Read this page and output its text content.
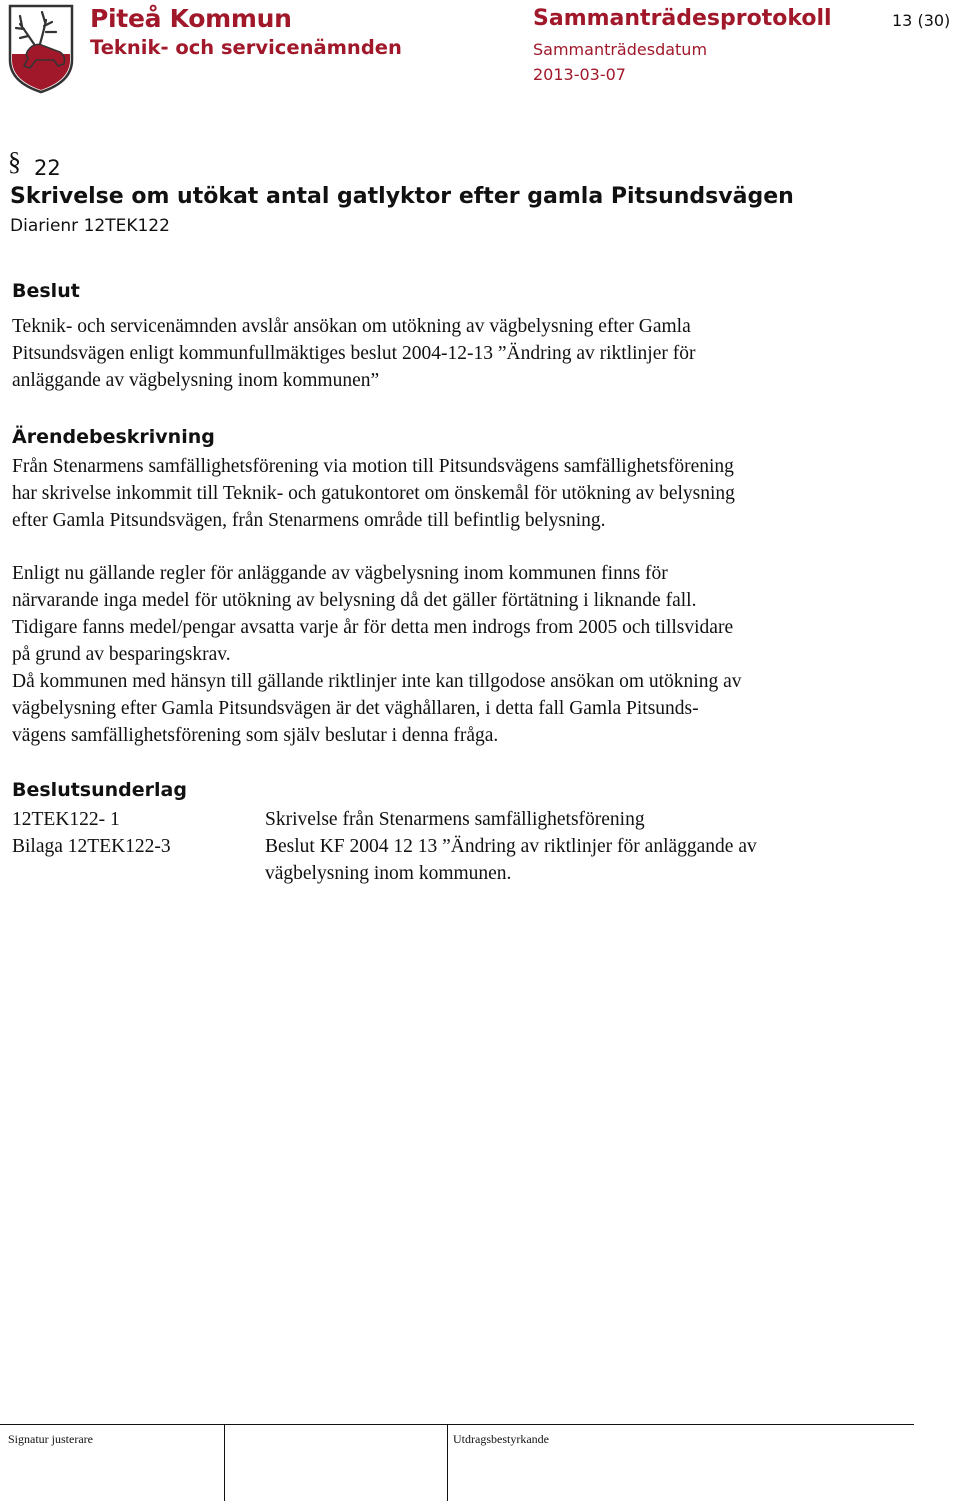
Piteå Kommun
Teknik- och servicenämnden
Sammanträdesprotokoll
Sammanträdesdatum
2013-03-07
13 (30)
§ 22
Skrivelse om utökat antal gatlyktor efter gamla Pitsundsvägen
Diarienr 12TEK122
Beslut

Teknik- och servicenämnden avslår ansökan om utökning av vägbelysning efter Gamla

Pitsundsvägen enligt kommunfullmäktiges beslut 2004-12-13 ”Ändring av riktlinjer för

anläggande av vägbelysning inom kommunen”

Ärendebeskrivning

Från Stenarmens samfällighetsförening via motion till Pitsundsvägens samfällighetsförening

har skrivelse inkommit till Teknik- och gatukontoret om önskemål för utökning av belysning

efter Gamla Pitsundsvägen, från Stenarmens område till befintlig belysning.

Enligt nu gällande regler för anläggande av vägbelysning inom kommunen finns för

närvarande inga medel för utökning av belysning då det gäller förtätning i liknande fall.

Tidigare fanns medel/pengar avsatta varje år för detta men indrogs from 2005 och tillsvidare

på grund av besparingskrav.

Då kommunen med hänsyn till gällande riktlinjer inte kan tillgodose ansökan om utökning av

vägbelysning efter Gamla Pitsundsvägen är det väghållaren, i detta fall Gamla Pitsunds-

vägens samfällighetsförening som själv beslutar i denna fråga.

Beslutsunderlag
12TEK122- 1	Skrivelse från Stenarmens samfällighetsförening
Bilaga 12TEK122-3	Beslut KF 2004 12 13 ”Ändring av riktlinjer för anläggande av
vägbelysning inom kommunen.
Signatur justerare	Utdragsbestyrkande
